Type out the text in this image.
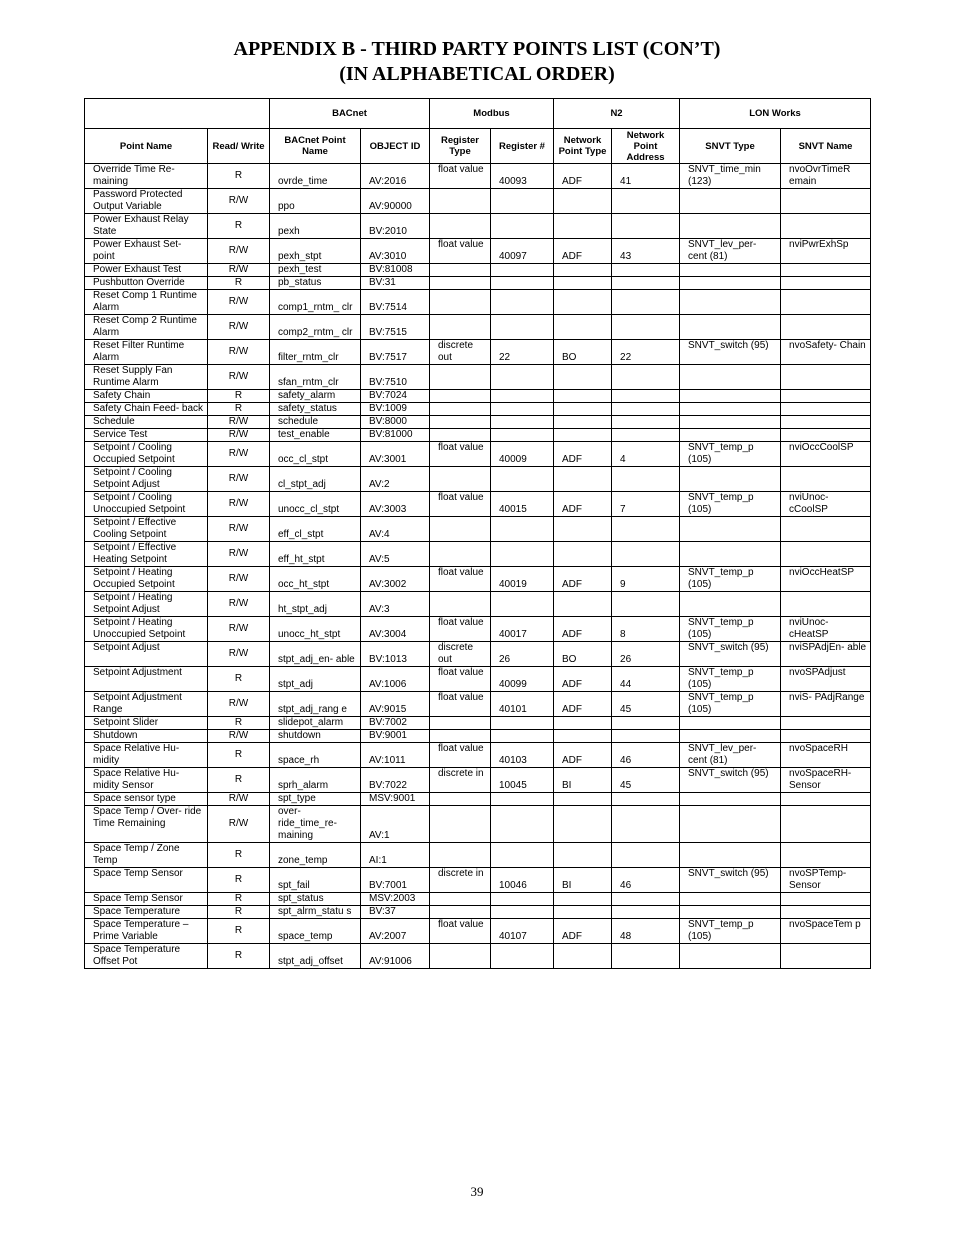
APPENDIX B - THIRD PARTY POINTS LIST (CON’T)
(IN ALPHABETICAL ORDER)
		BACnet		Modbus		N2		LON Works	
Point Name	Read/ Write	BACnet Point Name	OBJECT ID	Register Type	Register #	Network Point Type	Network Point Address	SNVT Type	SNVT Name
Override Time Re- maining	R	ovrde_time	AV:2016	float value	40093	ADF	41	SNVT_time_min (123)	nvoOvrTimeR emain
Password Protected Output Variable	R/W	ppo	AV:90000						
Power Exhaust Relay State	R	pexh	BV:2010						
Power Exhaust Set- point	R/W	pexh_stpt	AV:3010	float value	40097	ADF	43	SNVT_lev_per- cent (81)	nviPwrExhSp
Power Exhaust Test	R/W	pexh_test	BV:81008						
Pushbutton Override	R	pb_status	BV:31						
Reset Comp 1 Runtime Alarm	R/W	comp1_rntm_ clr	BV:7514						
Reset Comp 2 Runtime Alarm	R/W	comp2_rntm_ clr	BV:7515						
Reset Filter Runtime Alarm	R/W	filter_rntm_clr	BV:7517	discrete out	22	BO	22	SNVT_switch (95)	nvoSafety- Chain
Reset Supply Fan Runtime Alarm	R/W	sfan_rntm_clr	BV:7510						
Safety Chain	R	safety_alarm	BV:7024						
Safety Chain Feed- back	R	safety_status	BV:1009						
Schedule	R/W	schedule	BV:8000						
Service Test	R/W	test_enable	BV:81000						
Setpoint / Cooling Occupied Setpoint	R/W	occ_cl_stpt	AV:3001	float value	40009	ADF	4	SNVT_temp_p (105)	nviOccCoolSP
Setpoint / Cooling Setpoint Adjust	R/W	cl_stpt_adj	AV:2						
Setpoint / Cooling Unoccupied Setpoint	R/W	unocc_cl_stpt	AV:3003	float value	40015	ADF	7	SNVT_temp_p (105)	nviUnoc- cCoolSP
Setpoint / Effective Cooling Setpoint	R/W	eff_cl_stpt	AV:4						
Setpoint / Effective Heating Setpoint	R/W	eff_ht_stpt	AV:5						
Setpoint / Heating Occupied Setpoint	R/W	occ_ht_stpt	AV:3002	float value	40019	ADF	9	SNVT_temp_p (105)	nviOccHeatSP
Setpoint / Heating Setpoint Adjust	R/W	ht_stpt_adj	AV:3						
Setpoint / Heating Unoccupied Setpoint	R/W	unocc_ht_stpt	AV:3004	float value	40017	ADF	8	SNVT_temp_p (105)	nviUnoc- cHeatSP
Setpoint Adjust	R/W	stpt_adj_en- able	BV:1013	discrete out	26	BO	26	SNVT_switch (95)	nviSPAdjEn- able
Setpoint Adjustment	R	stpt_adj	AV:1006	float value	40099	ADF	44	SNVT_temp_p (105)	nvoSPAdjust
Setpoint Adjustment Range	R/W	stpt_adj_rang e	AV:9015	float value	40101	ADF	45	SNVT_temp_p (105)	nviS- PAdjRange
Setpoint Slider	R	slidepot_alarm	BV:7002						
Shutdown	R/W	shutdown	BV:9001						
Space Relative Hu- midity	R	space_rh	AV:1011	float value	40103	ADF	46	SNVT_lev_per- cent (81)	nvoSpaceRH
Space Relative Hu- midity Sensor	R	sprh_alarm	BV:7022	discrete in	10045	BI	45	SNVT_switch (95)	nvoSpaceRH- Sensor
Space sensor type	R/W	spt_type	MSV:9001						
Space Temp / Over- ride Time Remaining	R/W	over- ride_time_re- maining	AV:1						
Space Temp / Zone Temp	R	zone_temp	AI:1						
Space Temp Sensor	R	spt_fail	BV:7001	discrete in	10046	BI	46	SNVT_switch (95)	nvoSPTemp- Sensor
Space Temp Sensor	R	spt_status	MSV:2003						
Space Temperature	R	spt_alrm_statu s	BV:37						
Space Temperature – Prime Variable	R	space_temp	AV:2007	float value	40107	ADF	48	SNVT_temp_p (105)	nvoSpaceTem p
Space Temperature Offset Pot	R	stpt_adj_offset	AV:91006						
39
